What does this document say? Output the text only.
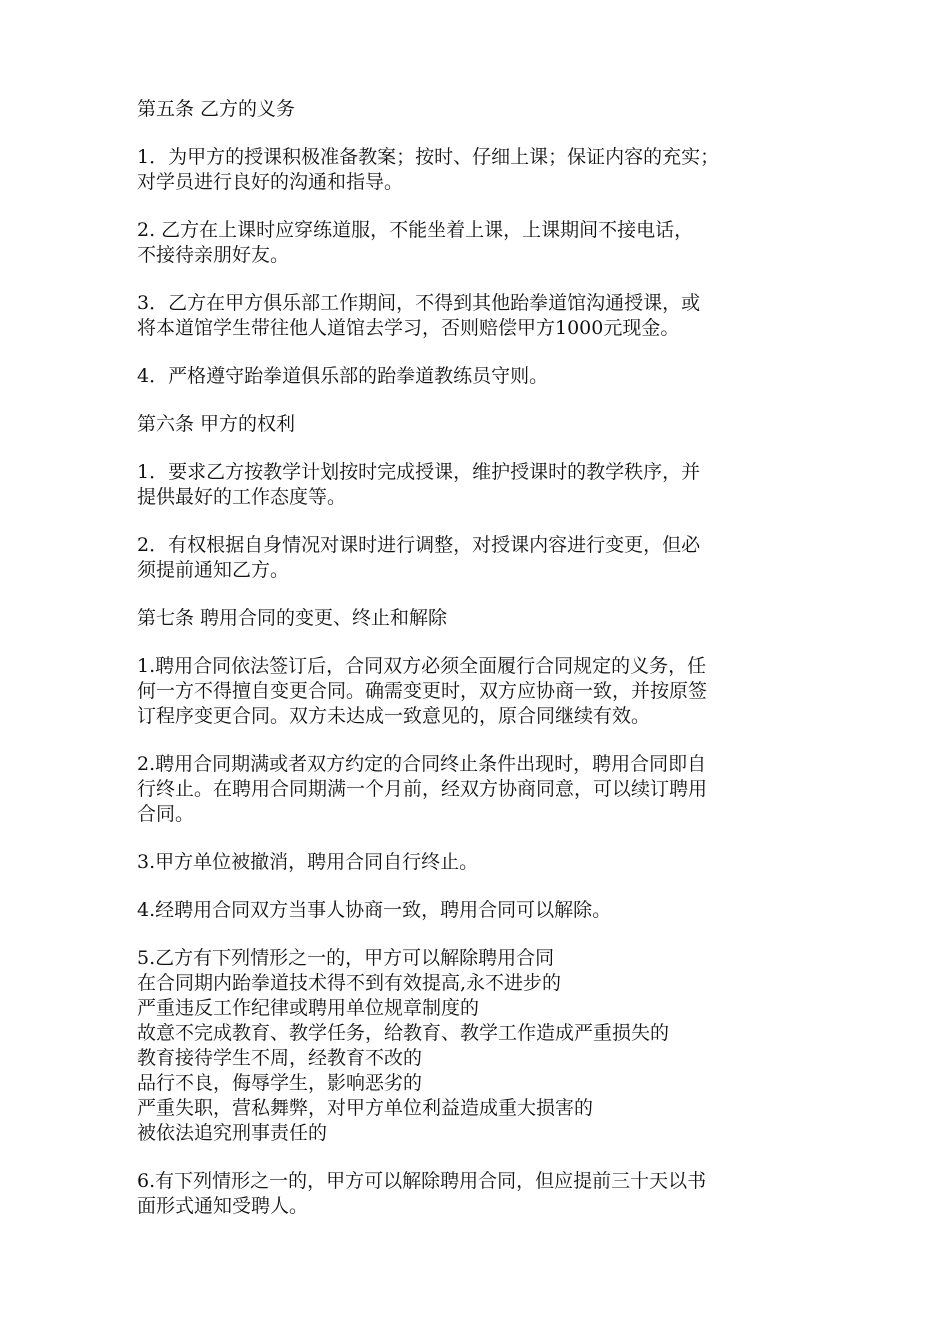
第五条 乙方的义务
1．为甲方的授课积极准备教案；按时、仔细上课；保证内容的充实；
对学员进行良好的沟通和指导。
2. 乙方在上课时应穿练道服，不能坐着上课，上课期间不接电话，
不接待亲朋好友。
3．乙方在甲方俱乐部工作期间，不得到其他跆拳道馆沟通授课，或
将本道馆学生带往他人道馆去学习，否则赔偿甲方1000元现金。
4．严格遵守跆拳道俱乐部的跆拳道教练员守则。
第六条 甲方的权利
1．要求乙方按教学计划按时完成授课，维护授课时的教学秩序，并
提供最好的工作态度等。
2．有权根据自身情况对课时进行调整，对授课内容进行变更，但必
须提前通知乙方。
第七条 聘用合同的变更、终止和解除
1.聘用合同依法签订后，合同双方必须全面履行合同规定的义务，任
何一方不得擅自变更合同。确需变更时，双方应协商一致，并按原签
订程序变更合同。双方未达成一致意见的，原合同继续有效。
2.聘用合同期满或者双方约定的合同终止条件出现时，聘用合同即自
行终止。在聘用合同期满一个月前，经双方协商同意，可以续订聘用
合同。
3.甲方单位被撤消，聘用合同自行终止。
4.经聘用合同双方当事人协商一致，聘用合同可以解除。
5.乙方有下列情形之一的，甲方可以解除聘用合同
在合同期内跆拳道技术得不到有效提高,永不进步的
严重违反工作纪律或聘用单位规章制度的
故意不完成教育、教学任务，给教育、教学工作造成严重损失的
教育接待学生不周，经教育不改的
品行不良，侮辱学生，影响恶劣的
严重失职，营私舞弊，对甲方单位利益造成重大损害的
被依法追究刑事责任的
6.有下列情形之一的，甲方可以解除聘用合同，但应提前三十天以书
面形式通知受聘人。
